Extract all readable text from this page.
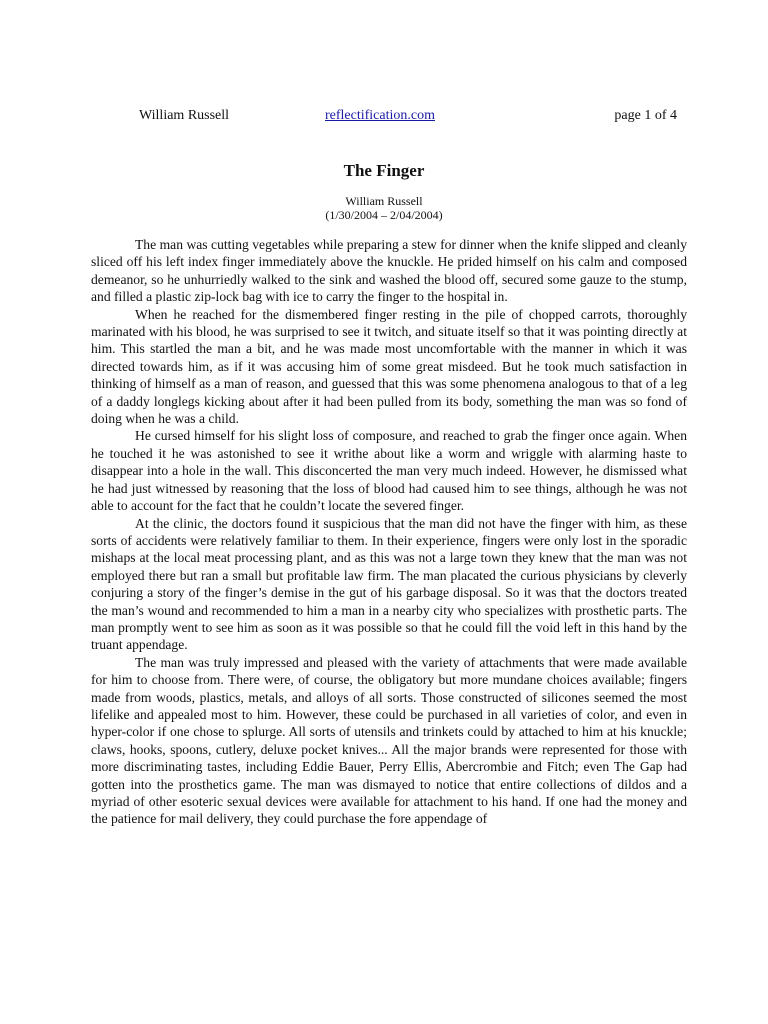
William Russell	reflectification.com	page 1 of 4
The Finger
William Russell
(1/30/2004 – 2/04/2004)

The man was cutting vegetables while preparing a stew for dinner when the knife slipped and cleanly sliced off his left index finger immediately above the knuckle. He prided himself on his calm and composed demeanor, so he unhurriedly walked to the sink and washed the blood off, secured some gauze to the stump, and filled a plastic zip-lock bag with ice to carry the finger to the hospital in.

When he reached for the dismembered finger resting in the pile of chopped carrots, thoroughly marinated with his blood, he was surprised to see it twitch, and situate itself so that it was pointing directly at him. This startled the man a bit, and he was made most uncomfortable with the manner in which it was directed towards him, as if it was accusing him of some great misdeed. But he took much satisfaction in thinking of himself as a man of reason, and guessed that this was some phenomena analogous to that of a leg of a daddy longlegs kicking about after it had been pulled from its body, something the man was so fond of doing when he was a child.

He cursed himself for his slight loss of composure, and reached to grab the finger once again. When he touched it he was astonished to see it writhe about like a worm and wriggle with alarming haste to disappear into a hole in the wall. This disconcerted the man very much indeed. However, he dismissed what he had just witnessed by reasoning that the loss of blood had caused him to see things, although he was not able to account for the fact that he couldn’t locate the severed finger.

At the clinic, the doctors found it suspicious that the man did not have the finger with him, as these sorts of accidents were relatively familiar to them. In their experience, fingers were only lost in the sporadic mishaps at the local meat processing plant, and as this was not a large town they knew that the man was not employed there but ran a small but profitable law firm. The man placated the curious physicians by cleverly conjuring a story of the finger’s demise in the gut of his garbage disposal. So it was that the doctors treated the man’s wound and recommended to him a man in a nearby city who specializes with prosthetic parts. The man promptly went to see him as soon as it was possible so that he could fill the void left in this hand by the truant appendage.

The man was truly impressed and pleased with the variety of attachments that were made available for him to choose from. There were, of course, the obligatory but more mundane choices available; fingers made from woods, plastics, metals, and alloys of all sorts. Those constructed of silicones seemed the most lifelike and appealed most to him. However, these could be purchased in all varieties of color, and even in hyper-color if one chose to splurge. All sorts of utensils and trinkets could by attached to him at his knuckle; claws, hooks, spoons, cutlery, deluxe pocket knives... All the major brands were represented for those with more discriminating tastes, including Eddie Bauer, Perry Ellis, Abercrombie and Fitch; even The Gap had gotten into the prosthetics game. The man was dismayed to notice that entire collections of dildos and a myriad of other esoteric sexual devices were available for attachment to his hand. If one had the money and the patience for mail delivery, they could purchase the fore appendage of
